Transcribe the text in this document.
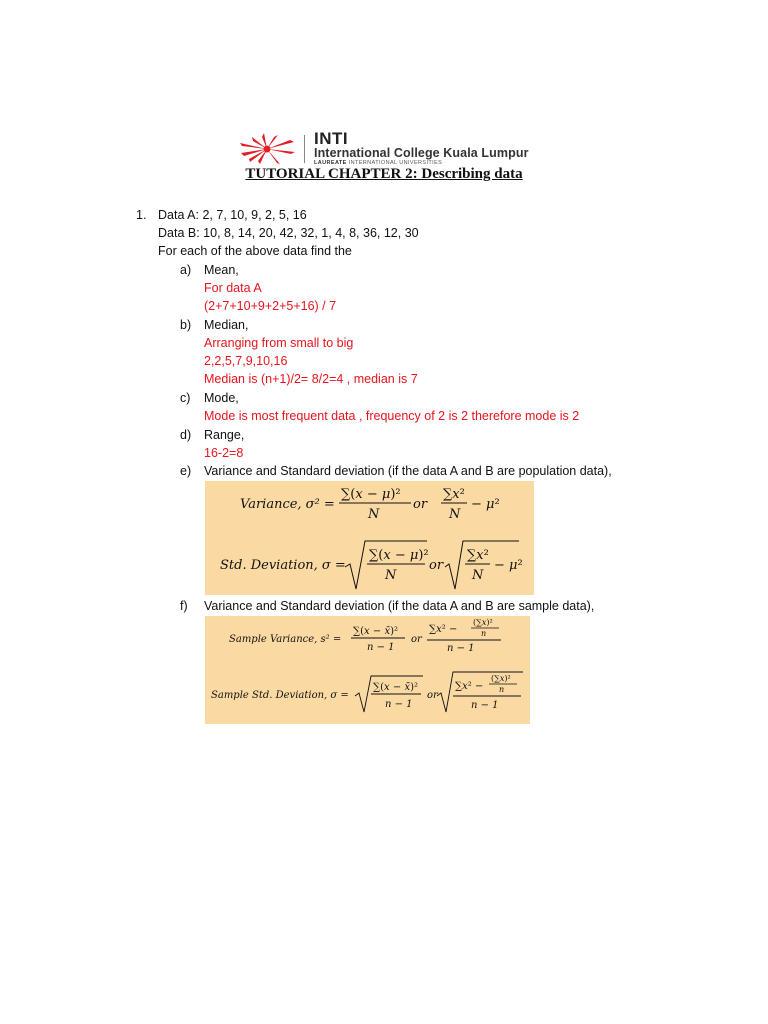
INTI
International College Kuala Lumpur
LAUREATE INTERNATIONAL UNIVERSITIES
TUTORIAL CHAPTER 2: Describing data
1. Data A: 2, 7, 10, 9, 2, 5, 16
Data B: 10, 8, 14, 20, 42, 32, 1, 4, 8, 36, 12, 30
For each of the above data find the
a) Mean,
For data A
(2+7+10+9+2+5+16) / 7
b) Median,
Arranging from small to big
2,2,5,7,9,10,16
Median is (n+1)/2= 8/2=4 , median is 7
c) Mode,
Mode is most frequent data , frequency of 2 is 2 therefore mode is 2
d) Range,
16-2=8
e) Variance and Standard deviation (if the data A and B are population data),
Variance, σ² =
∑(x − μ)²
N
or
∑x²
N
− μ²
Std. Deviation, σ =
∑(x − μ)²
N
or
∑x²
N
− μ²
f) Variance and Standard deviation (if the data A and B are sample data),
Sample Variance, s² =
∑(x − x̄)²
n − 1
or
∑x² −
(∑x)²
n
n − 1
Sample Std. Deviation, σ =
∑(x − x̄)²
n − 1
or
∑x² −
(∑x)²
n
n − 1
